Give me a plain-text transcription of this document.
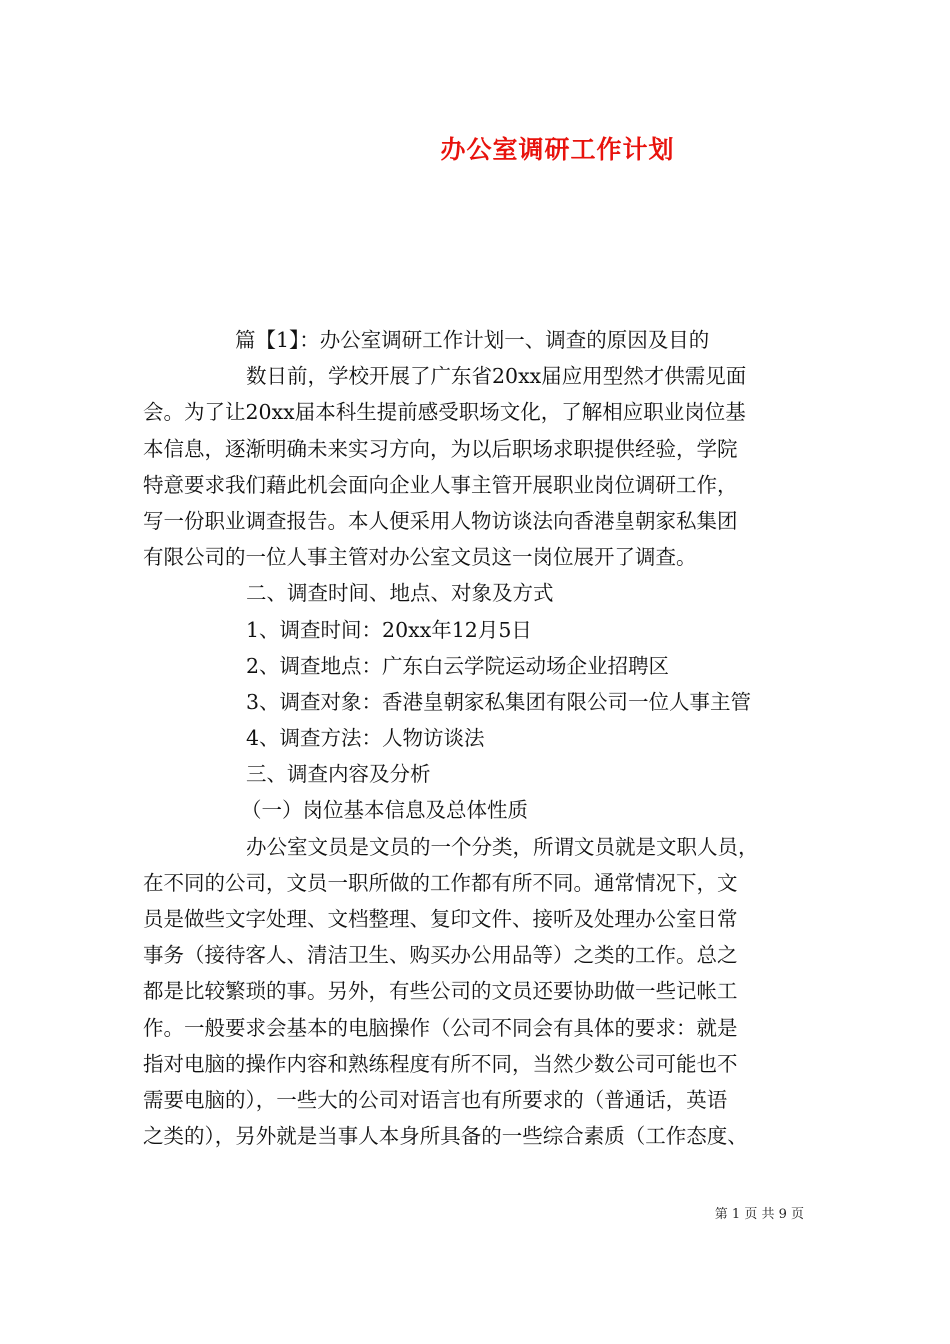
办公室调研工作计划
篇【1】：办公室调研工作计划一、调查的原因及目的
数日前，学校开展了广东省20xx届应用型然才供需见面
会。为了让20xx届本科生提前感受职场文化，了解相应职业岗位基
本信息，逐渐明确未来实习方向，为以后职场求职提供经验，学院
特意要求我们藉此机会面向企业人事主管开展职业岗位调研工作，
写一份职业调查报告。本人便采用人物访谈法向香港皇朝家私集团
有限公司的一位人事主管对办公室文员这一岗位展开了调查。
二、调查时间、地点、对象及方式
1、调查时间：20xx年12月5日
2、调查地点：广东白云学院运动场企业招聘区
3、调查对象：香港皇朝家私集团有限公司一位人事主管
4、调查方法：人物访谈法
三、调查内容及分析
（一）岗位基本信息及总体性质
办公室文员是文员的一个分类，所谓文员就是文职人员，
在不同的公司，文员一职所做的工作都有所不同。通常情况下，文
员是做些文字处理、文档整理、复印文件、接听及处理办公室日常
事务（接待客人、清洁卫生、购买办公用品等）之类的工作。总之
都是比较繁琐的事。另外，有些公司的文员还要协助做一些记帐工
作。一般要求会基本的电脑操作（公司不同会有具体的要求：就是
指对电脑的操作内容和熟练程度有所不同，当然少数公司可能也不
需要电脑的），一些大的公司对语言也有所要求的（普通话，英语
之类的），另外就是当事人本身所具备的一些综合素质（工作态度、
第 1 页 共 9 页
